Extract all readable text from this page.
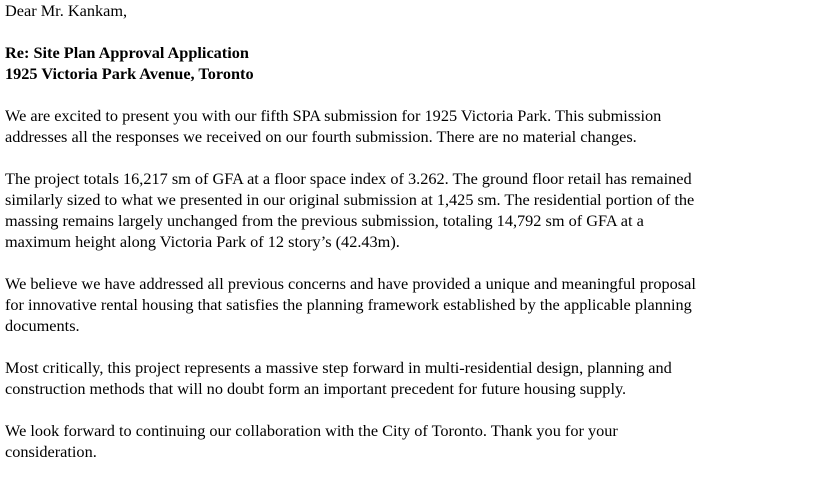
Dear Mr. Kankam,

Re: Site Plan Approval Application

1925 Victoria Park Avenue, Toronto

We are excited to present you with our fifth SPA submission for 1925 Victoria Park. This submission

addresses all the responses we received on our fourth submission. There are no material changes.

The project totals 16,217 sm of GFA at a floor space index of 3.262. The ground floor retail has remained

similarly sized to what we presented in our original submission at 1,425 sm. The residential portion of the

massing remains largely unchanged from the previous submission, totaling 14,792 sm of GFA at a

maximum height along Victoria Park of 12 story’s (42.43m).

We believe we have addressed all previous concerns and have provided a unique and meaningful proposal

for innovative rental housing that satisfies the planning framework established by the applicable planning

documents.

Most critically, this project represents a massive step forward in multi-residential design, planning and

construction methods that will no doubt form an important precedent for future housing supply.

We look forward to continuing our collaboration with the City of Toronto. Thank you for your

consideration.
